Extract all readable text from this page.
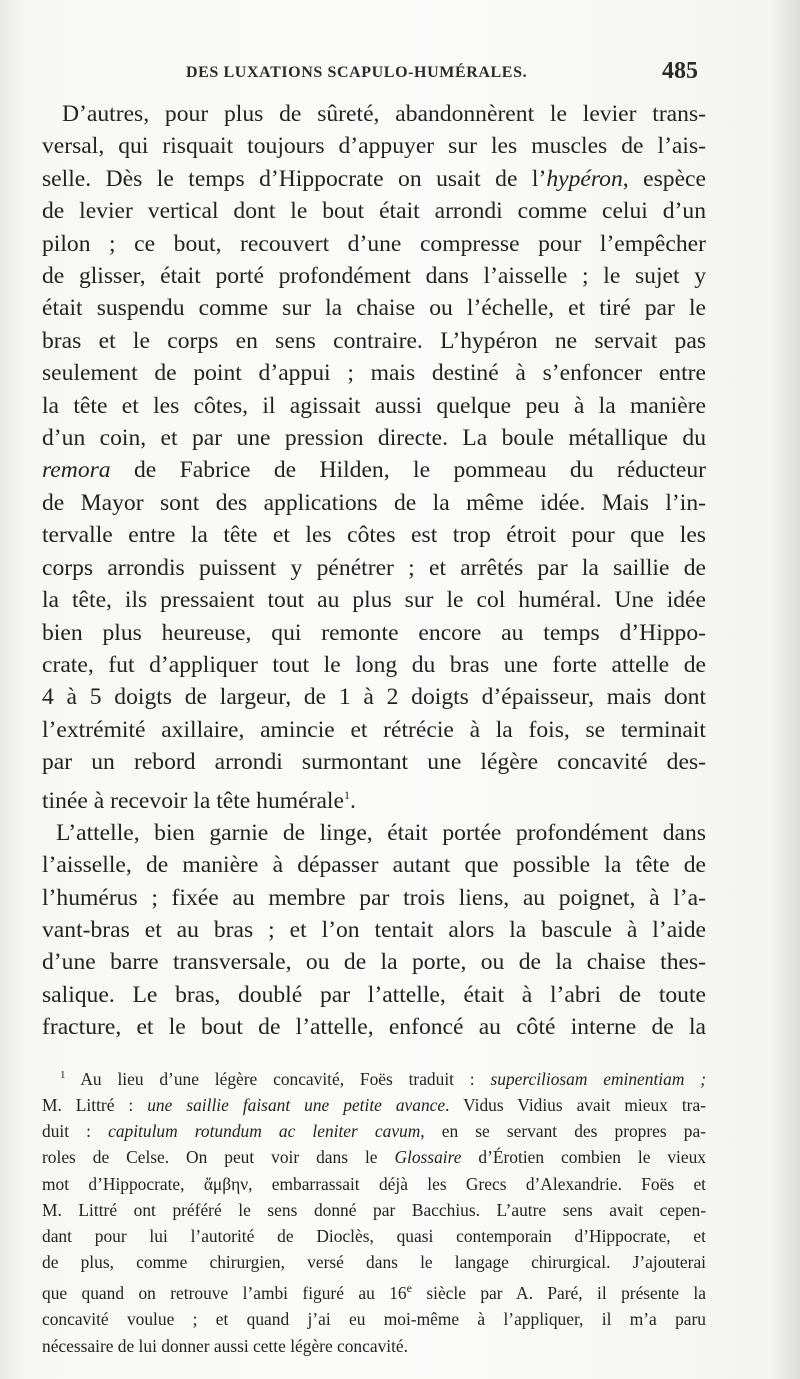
DES LUXATIONS SCAPULO-HUMÉRALES.	485

D’autres, pour plus de sûreté, abandonnèrent le levier trans-

versal, qui risquait toujours d’appuyer sur les muscles de l’ais-

selle. Dès le temps d’Hippocrate on usait de l’hypéron, espèce

de levier vertical dont le bout était arrondi comme celui d’un

pilon ; ce bout, recouvert d’une compresse pour l’empêcher

de glisser, était porté profondément dans l’aisselle ; le sujet y

était suspendu comme sur la chaise ou l’échelle, et tiré par le

bras et le corps en sens contraire. L’hypéron ne servait pas

seulement de point d’appui ; mais destiné à s’enfoncer entre

la tête et les côtes, il agissait aussi quelque peu à la manière

d’un coin, et par une pression directe. La boule métallique du

remora de Fabrice de Hilden, le pommeau du réducteur

de Mayor sont des applications de la même idée. Mais l’in-

tervalle entre la tête et les côtes est trop étroit pour que les

corps arrondis puissent y pénétrer ; et arrêtés par la saillie de

la tête, ils pressaient tout au plus sur le col huméral. Une idée

bien plus heureuse, qui remonte encore au temps d’Hippo-

crate, fut d’appliquer tout le long du bras une forte attelle de

4 à 5 doigts de largeur, de 1 à 2 doigts d’épaisseur, mais dont

l’extrémité axillaire, amincie et rétrécie à la fois, se terminait

par un rebord arrondi surmontant une légère concavité des-

tinée à recevoir la tête humérale$^1$.

L’attelle, bien garnie de linge, était portée profondément dans

l’aisselle, de manière à dépasser autant que possible la tête de

l’humérus ; fixée au membre par trois liens, au poignet, à l’a-

vant-bras et au bras ; et l’on tentait alors la bascule à l’aide

d’une barre transversale, ou de la porte, ou de la chaise thes-

salique. Le bras, doublé par l’attelle, était à l’abri de toute

fracture, et le bout de l’attelle, enfoncé au côté interne de la

$^1$ Au lieu d’une légère concavité, Foës traduit : superciliosam eminentiam ;

M. Littré : une saillie faisant une petite avance. Vidus Vidius avait mieux tra-

duit : capitulum rotundum ac leniter cavum, en se servant des propres pa-

roles de Celse. On peut voir dans le Glossaire d’Érotien combien le vieux

mot d’Hippocrate, ἄμβην, embarrassait déjà les Grecs d’Alexandrie. Foës et

M. Littré ont préféré le sens donné par Bacchius. L’autre sens avait cepen-

dant pour lui l’autorité de Dioclès, quasi contemporain d’Hippocrate, et

de plus, comme chirurgien, versé dans le langage chirurgical. J’ajouterai

que quand on retrouve l’ambi figuré au 16e siècle par A. Paré, il présente la

concavité voulue ; et quand j’ai eu moi-même à l’appliquer, il m’a paru

nécessaire de lui donner aussi cette légère concavité.
